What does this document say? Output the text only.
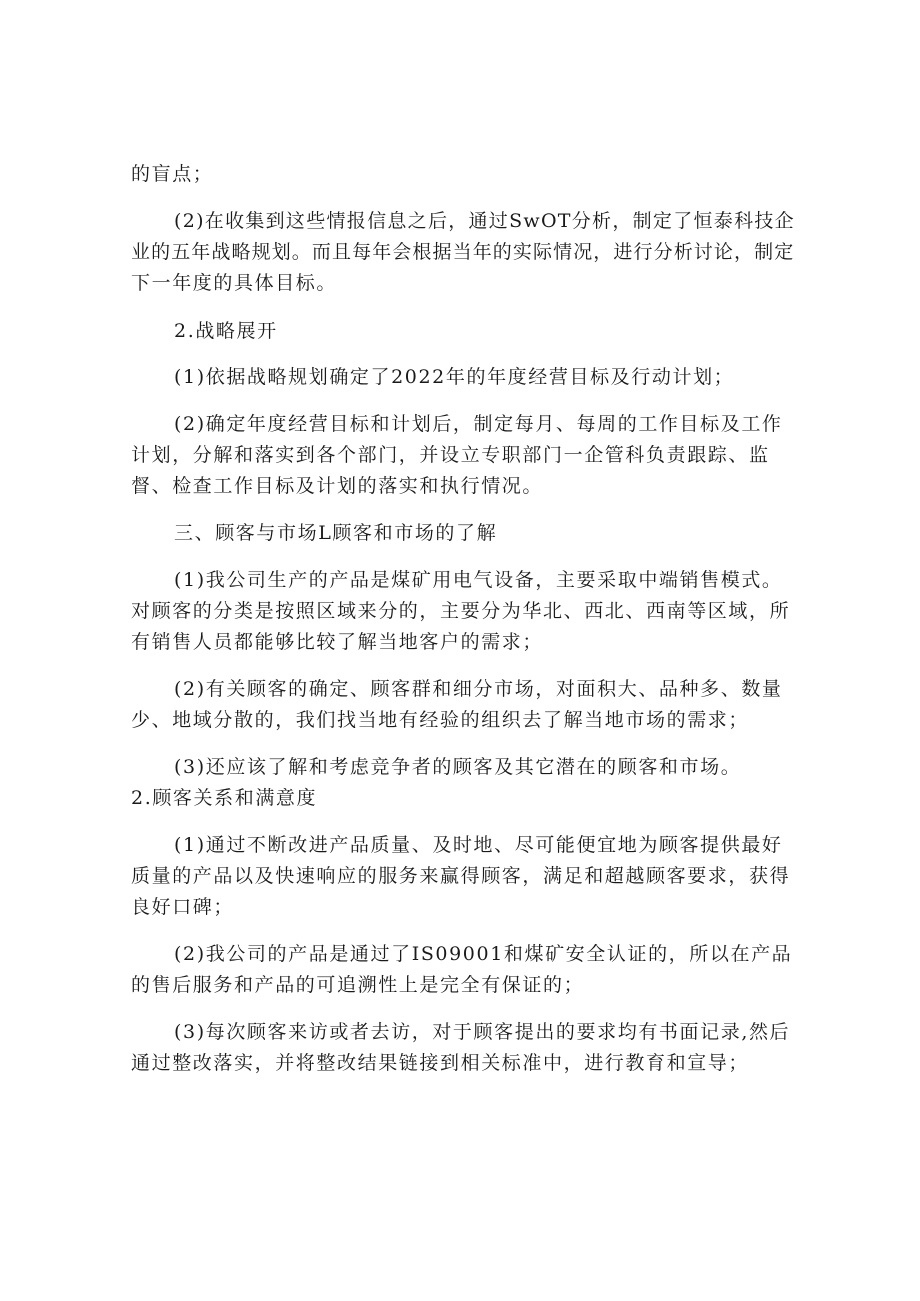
的盲点；

(2)在收集到这些情报信息之后，通过SwOT分析，制定了恒泰科技企

业的五年战略规划。而且每年会根据当年的实际情况，进行分析讨论，制定

下一年度的具体目标。

2.战略展开

(1)依据战略规划确定了2022年的年度经营目标及行动计划；

(2)确定年度经营目标和计划后，制定每月、每周的工作目标及工作

计划，分解和落实到各个部门，并设立专职部门一企管科负责跟踪、监

督、检查工作目标及计划的落实和执行情况。

三、顾客与市场L顾客和市场的了解

(1)我公司生产的产品是煤矿用电气设备，主要采取中端销售模式。

对顾客的分类是按照区域来分的，主要分为华北、西北、西南等区域，所

有销售人员都能够比较了解当地客户的需求；

(2)有关顾客的确定、顾客群和细分市场，对面积大、品种多、数量

少、地域分散的，我们找当地有经验的组织去了解当地市场的需求；

(3)还应该了解和考虑竞争者的顾客及其它潜在的顾客和市场。

2.顾客关系和满意度

(1)通过不断改进产品质量、及时地、尽可能便宜地为顾客提供最好

质量的产品以及快速响应的服务来赢得顾客，满足和超越顾客要求，获得

良好口碑；

(2)我公司的产品是通过了IS09001和煤矿安全认证的，所以在产品

的售后服务和产品的可追溯性上是完全有保证的；

(3)每次顾客来访或者去访，对于顾客提出的要求均有书面记录,然后

通过整改落实，并将整改结果链接到相关标准中，进行教育和宣导；
